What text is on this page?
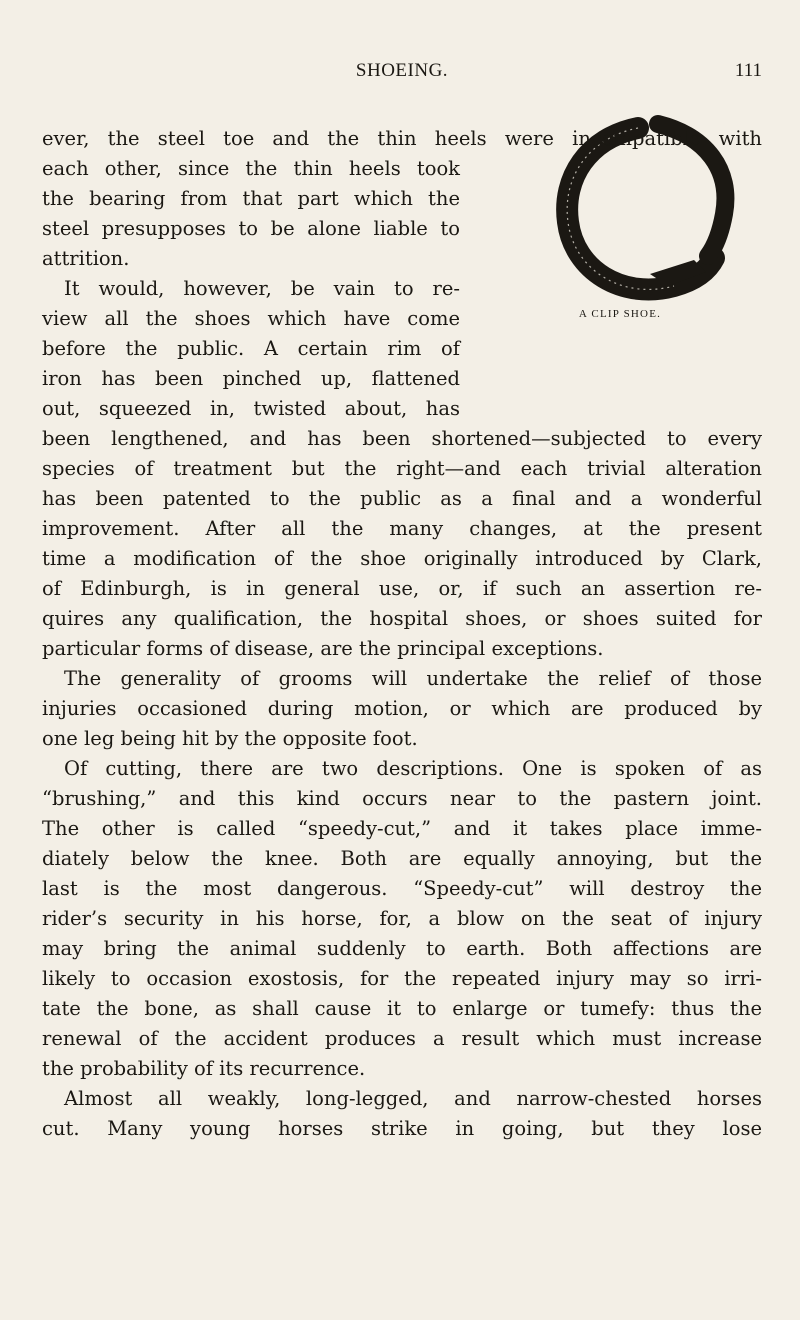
SHOEING.	111
A CLIP SHOE.
ever, the steel toe and the thin heels were incompatible with
each other, since the thin heels took
the bearing from that part which the
steel presupposes to be alone liable to
attrition.
It would, however, be vain to re-
view all the shoes which have come
before the public. A certain rim of
iron has been pinched up, flattened
out, squeezed in, twisted about, has
been lengthened, and has been shortened—subjected to every
species of treatment but the right—and each trivial alteration
has been patented to the public as a final and a wonderful
improvement. After all the many changes, at the present
time a modification of the shoe originally introduced by Clark,
of Edinburgh, is in general use, or, if such an assertion re-
quires any qualification, the hospital shoes, or shoes suited for
particular forms of disease, are the principal exceptions.
The generality of grooms will undertake the relief of those
injuries occasioned during motion, or which are produced by
one leg being hit by the opposite foot.
Of cutting, there are two descriptions. One is spoken of as
“brushing,” and this kind occurs near to the pastern joint.
The other is called “speedy-cut,” and it takes place imme-
diately below the knee. Both are equally annoying, but the
last is the most dangerous. “Speedy-cut” will destroy the
rider’s security in his horse, for, a blow on the seat of injury
may bring the animal suddenly to earth. Both affections are
likely to occasion exostosis, for the repeated injury may so irri-
tate the bone, as shall cause it to enlarge or tumefy: thus the
renewal of the accident produces a result which must increase
the probability of its recurrence.
Almost all weakly, long-legged, and narrow-chested horses
cut. Many young horses strike in going, but they lose
